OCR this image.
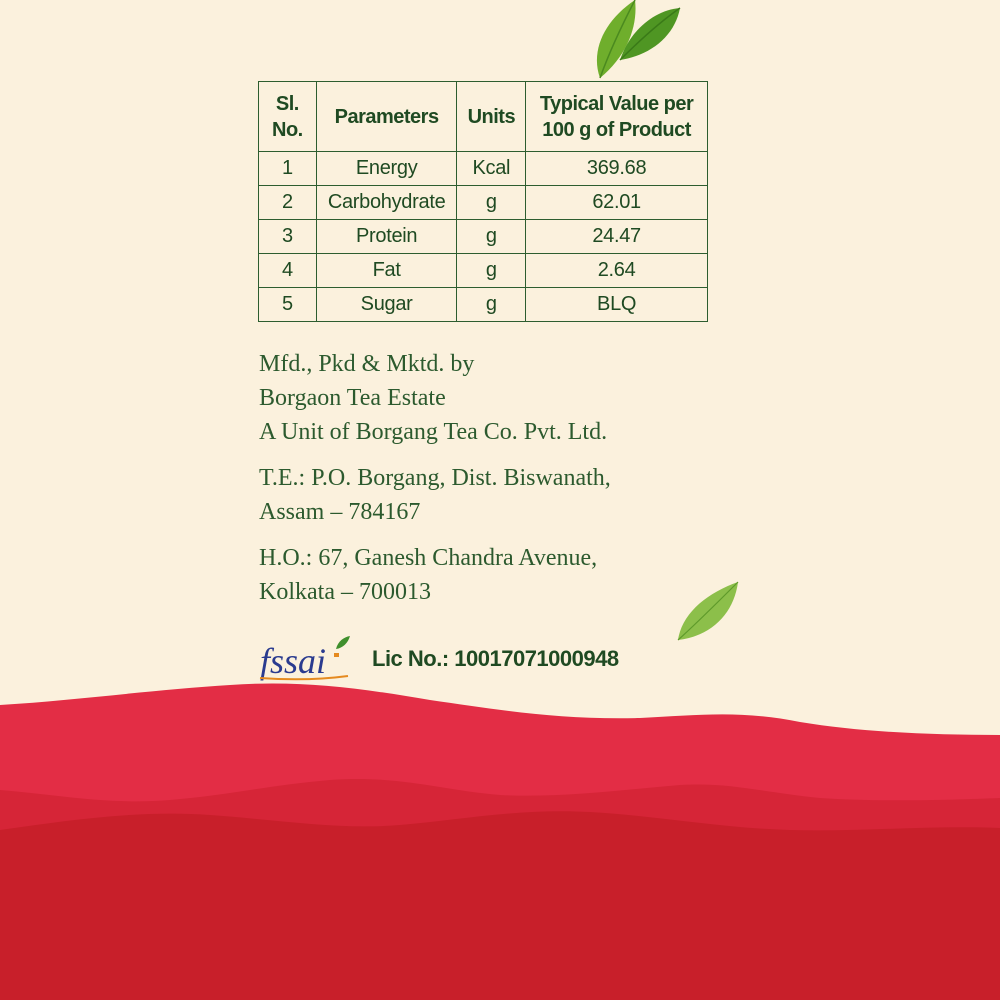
Sl. No.	Parameters	Units	Typical Value per 100 g of Product
1	Energy	Kcal	369.68
2	Carbohydrate	g	62.01
3	Protein	g	24.47
4	Fat	g	2.64
5	Sugar	g	BLQ
Mfd., Pkd & Mktd. by
Borgaon Tea Estate
A Unit of Borgang Tea Co. Pvt. Ltd.
T.E.: P.O. Borgang, Dist. Biswanath,
Assam – 784167
H.O.: 67, Ganesh Chandra Avenue,
Kolkata – 700013
fssai Lic No.: 10017071000948
